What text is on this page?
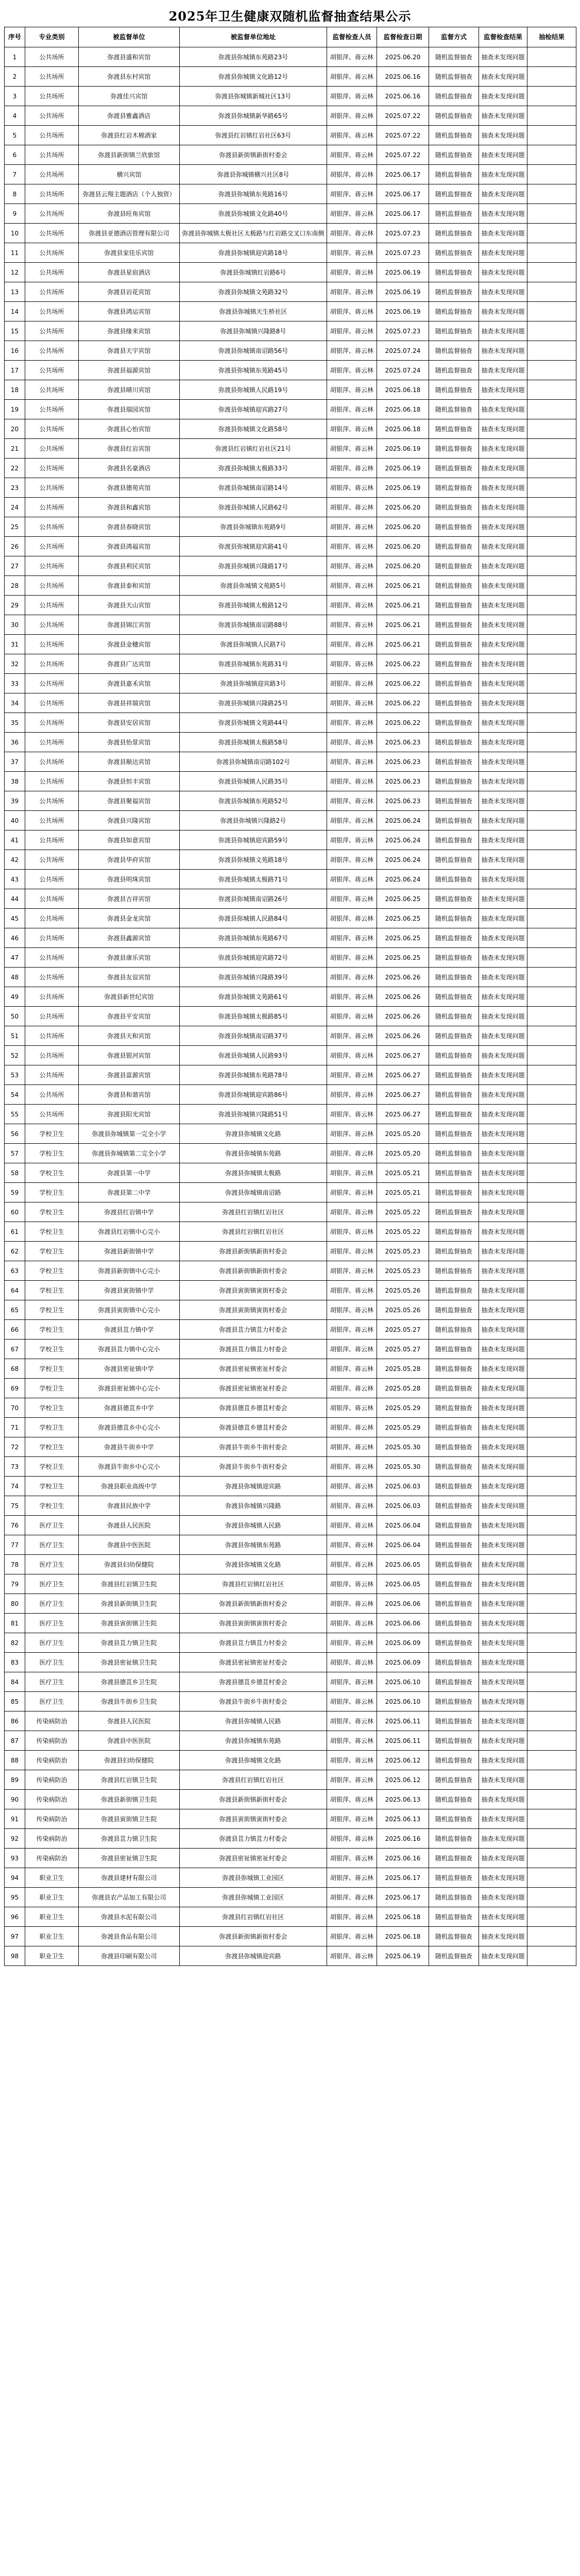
2025年卫生健康双随机监督抽查结果公示
序号	专业类别	被监督单位	被监督单位地址	监督检查人员	监督检查日期	监督方式	监督检查结果	抽检结果
1	公共场所	弥渡县盛和宾馆	弥渡县弥城镇东苑路23号	胡银萍、蒋云林	2025.06.20	随机监督抽查	抽查未发现问题	
2	公共场所	弥渡县东村宾馆	弥渡县弥城镇文化路12号	胡银萍、蒋云林	2025.06.16	随机监督抽查	抽查未发现问题	
3	公共场所	弥渡佳兴宾馆	弥渡县弥城镇新城社区13号	胡银萍、蒋云林	2025.06.16	随机监督抽查	抽查未发现问题	
4	公共场所	弥渡县雅鑫酒店	弥渡县弥城镇新华路65号	胡银萍、蒋云林	2025.07.22	随机监督抽查	抽查未发现问题	
5	公共场所	弥渡县红岩木棉酒家	弥渡县红岩镇红岩社区63号	胡银萍、蒋云林	2025.07.22	随机监督抽查	抽查未发现问题	
6	公共场所	弥渡县新街镇兰欣旅馆	弥渡县新街镇新街村委会	胡银萍、蒋云林	2025.07.22	随机监督抽查	抽查未发现问题	
7	公共场所	横兴宾馆	弥渡县弥城镇横兴社区8号	胡银萍、蒋云林	2025.06.17	随机监督抽查	抽查未发现问题	
8	公共场所	弥渡县云翔主题酒店（个人独资）	弥渡县弥城镇东苑路16号	胡银萍、蒋云林	2025.06.17	随机监督抽查	抽查未发现问题	
9	公共场所	弥渡县旺角宾馆	弥渡县弥城镇文化路40号	胡银萍、蒋云林	2025.06.17	随机监督抽查	抽查未发现问题	
10	公共场所	弥渡县亚德酒店管理有限公司	弥渡县弥城镇太极社区太极路与红岩路交叉口东南侧	胡银萍、蒋云林	2025.07.23	随机监督抽查	抽查未发现问题	
11	公共场所	弥渡县家佳乐宾馆	弥渡县弥城镇迎宾路18号	胡银萍、蒋云林	2025.07.23	随机监督抽查	抽查未发现问题	
12	公共场所	弥渡县星宿酒店	弥渡县弥城镇红岩路6号	胡银萍、蒋云林	2025.06.19	随机监督抽查	抽查未发现问题	
13	公共场所	弥渡县岩花宾馆	弥渡县弥城镇文苑路32号	胡银萍、蒋云林	2025.06.19	随机监督抽查	抽查未发现问题	
14	公共场所	弥渡县鸿运宾馆	弥渡县弥城镇天生桥社区	胡银萍、蒋云林	2025.06.19	随机监督抽查	抽查未发现问题	
15	公共场所	弥渡县缘来宾馆	弥渡县弥城镇兴隆路8号	胡银萍、蒋云林	2025.07.23	随机监督抽查	抽查未发现问题	
16	公共场所	弥渡县天宇宾馆	弥渡县弥城镇南诏路56号	胡银萍、蒋云林	2025.07.24	随机监督抽查	抽查未发现问题	
17	公共场所	弥渡县福源宾馆	弥渡县弥城镇东苑路45号	胡银萍、蒋云林	2025.07.24	随机监督抽查	抽查未发现问题	
18	公共场所	弥渡县晴川宾馆	弥渡县弥城镇人民路19号	胡银萍、蒋云林	2025.06.18	随机监督抽查	抽查未发现问题	
19	公共场所	弥渡县瑞园宾馆	弥渡县弥城镇迎宾路27号	胡银萍、蒋云林	2025.06.18	随机监督抽查	抽查未发现问题	
20	公共场所	弥渡县心怡宾馆	弥渡县弥城镇文化路58号	胡银萍、蒋云林	2025.06.18	随机监督抽查	抽查未发现问题	
21	公共场所	弥渡县红岩宾馆	弥渡县红岩镇红岩社区21号	胡银萍、蒋云林	2025.06.19	随机监督抽查	抽查未发现问题	
22	公共场所	弥渡县名豪酒店	弥渡县弥城镇太极路33号	胡银萍、蒋云林	2025.06.19	随机监督抽查	抽查未发现问题	
23	公共场所	弥渡县德苑宾馆	弥渡县弥城镇南诏路14号	胡银萍、蒋云林	2025.06.19	随机监督抽查	抽查未发现问题	
24	公共场所	弥渡县和鑫宾馆	弥渡县弥城镇人民路62号	胡银萍、蒋云林	2025.06.20	随机监督抽查	抽查未发现问题	
25	公共场所	弥渡县春晓宾馆	弥渡县弥城镇东苑路9号	胡银萍、蒋云林	2025.06.20	随机监督抽查	抽查未发现问题	
26	公共场所	弥渡县鸿福宾馆	弥渡县弥城镇迎宾路41号	胡银萍、蒋云林	2025.06.20	随机监督抽查	抽查未发现问题	
27	公共场所	弥渡县利民宾馆	弥渡县弥城镇兴隆路17号	胡银萍、蒋云林	2025.06.20	随机监督抽查	抽查未发现问题	
28	公共场所	弥渡县泰和宾馆	弥渡县弥城镇文苑路5号	胡银萍、蒋云林	2025.06.21	随机监督抽查	抽查未发现问题	
29	公共场所	弥渡县天山宾馆	弥渡县弥城镇太极路12号	胡银萍、蒋云林	2025.06.21	随机监督抽查	抽查未发现问题	
30	公共场所	弥渡县锦江宾馆	弥渡县弥城镇南诏路88号	胡银萍、蒋云林	2025.06.21	随机监督抽查	抽查未发现问题	
31	公共场所	弥渡县金穗宾馆	弥渡县弥城镇人民路7号	胡银萍、蒋云林	2025.06.21	随机监督抽查	抽查未发现问题	
32	公共场所	弥渡县广达宾馆	弥渡县弥城镇东苑路31号	胡银萍、蒋云林	2025.06.22	随机监督抽查	抽查未发现问题	
33	公共场所	弥渡县嘉禾宾馆	弥渡县弥城镇迎宾路3号	胡银萍、蒋云林	2025.06.22	随机监督抽查	抽查未发现问题	
34	公共场所	弥渡县祥瑞宾馆	弥渡县弥城镇兴隆路25号	胡银萍、蒋云林	2025.06.22	随机监督抽查	抽查未发现问题	
35	公共场所	弥渡县安居宾馆	弥渡县弥城镇文苑路44号	胡银萍、蒋云林	2025.06.22	随机监督抽查	抽查未发现问题	
36	公共场所	弥渡县怡景宾馆	弥渡县弥城镇太极路58号	胡银萍、蒋云林	2025.06.23	随机监督抽查	抽查未发现问题	
37	公共场所	弥渡县顺达宾馆	弥渡县弥城镇南诏路102号	胡银萍、蒋云林	2025.06.23	随机监督抽查	抽查未发现问题	
38	公共场所	弥渡县恒丰宾馆	弥渡县弥城镇人民路35号	胡银萍、蒋云林	2025.06.23	随机监督抽查	抽查未发现问题	
39	公共场所	弥渡县聚福宾馆	弥渡县弥城镇东苑路52号	胡银萍、蒋云林	2025.06.23	随机监督抽查	抽查未发现问题	
40	公共场所	弥渡县兴隆宾馆	弥渡县弥城镇兴隆路2号	胡银萍、蒋云林	2025.06.24	随机监督抽查	抽查未发现问题	
41	公共场所	弥渡县如意宾馆	弥渡县弥城镇迎宾路59号	胡银萍、蒋云林	2025.06.24	随机监督抽查	抽查未发现问题	
42	公共场所	弥渡县华府宾馆	弥渡县弥城镇文苑路18号	胡银萍、蒋云林	2025.06.24	随机监督抽查	抽查未发现问题	
43	公共场所	弥渡县明珠宾馆	弥渡县弥城镇太极路71号	胡银萍、蒋云林	2025.06.24	随机监督抽查	抽查未发现问题	
44	公共场所	弥渡县吉祥宾馆	弥渡县弥城镇南诏路26号	胡银萍、蒋云林	2025.06.25	随机监督抽查	抽查未发现问题	
45	公共场所	弥渡县金龙宾馆	弥渡县弥城镇人民路84号	胡银萍、蒋云林	2025.06.25	随机监督抽查	抽查未发现问题	
46	公共场所	弥渡县鑫源宾馆	弥渡县弥城镇东苑路67号	胡银萍、蒋云林	2025.06.25	随机监督抽查	抽查未发现问题	
47	公共场所	弥渡县康乐宾馆	弥渡县弥城镇迎宾路72号	胡银萍、蒋云林	2025.06.25	随机监督抽查	抽查未发现问题	
48	公共场所	弥渡县友谊宾馆	弥渡县弥城镇兴隆路39号	胡银萍、蒋云林	2025.06.26	随机监督抽查	抽查未发现问题	
49	公共场所	弥渡县新世纪宾馆	弥渡县弥城镇文苑路61号	胡银萍、蒋云林	2025.06.26	随机监督抽查	抽查未发现问题	
50	公共场所	弥渡县平安宾馆	弥渡县弥城镇太极路85号	胡银萍、蒋云林	2025.06.26	随机监督抽查	抽查未发现问题	
51	公共场所	弥渡县天和宾馆	弥渡县弥城镇南诏路37号	胡银萍、蒋云林	2025.06.26	随机监督抽查	抽查未发现问题	
52	公共场所	弥渡县银河宾馆	弥渡县弥城镇人民路93号	胡银萍、蒋云林	2025.06.27	随机监督抽查	抽查未发现问题	
53	公共场所	弥渡县富源宾馆	弥渡县弥城镇东苑路78号	胡银萍、蒋云林	2025.06.27	随机监督抽查	抽查未发现问题	
54	公共场所	弥渡县和谐宾馆	弥渡县弥城镇迎宾路86号	胡银萍、蒋云林	2025.06.27	随机监督抽查	抽查未发现问题	
55	公共场所	弥渡县阳光宾馆	弥渡县弥城镇兴隆路51号	胡银萍、蒋云林	2025.06.27	随机监督抽查	抽查未发现问题	
56	学校卫生	弥渡县弥城镇第一完全小学	弥渡县弥城镇文化路	胡银萍、蒋云林	2025.05.20	随机监督抽查	抽查未发现问题	
57	学校卫生	弥渡县弥城镇第二完全小学	弥渡县弥城镇东苑路	胡银萍、蒋云林	2025.05.20	随机监督抽查	抽查未发现问题	
58	学校卫生	弥渡县第一中学	弥渡县弥城镇太极路	胡银萍、蒋云林	2025.05.21	随机监督抽查	抽查未发现问题	
59	学校卫生	弥渡县第二中学	弥渡县弥城镇南诏路	胡银萍、蒋云林	2025.05.21	随机监督抽查	抽查未发现问题	
60	学校卫生	弥渡县红岩镇中学	弥渡县红岩镇红岩社区	胡银萍、蒋云林	2025.05.22	随机监督抽查	抽查未发现问题	
61	学校卫生	弥渡县红岩镇中心完小	弥渡县红岩镇红岩社区	胡银萍、蒋云林	2025.05.22	随机监督抽查	抽查未发现问题	
62	学校卫生	弥渡县新街镇中学	弥渡县新街镇新街村委会	胡银萍、蒋云林	2025.05.23	随机监督抽查	抽查未发现问题	
63	学校卫生	弥渡县新街镇中心完小	弥渡县新街镇新街村委会	胡银萍、蒋云林	2025.05.23	随机监督抽查	抽查未发现问题	
64	学校卫生	弥渡县寅街镇中学	弥渡县寅街镇寅街村委会	胡银萍、蒋云林	2025.05.26	随机监督抽查	抽查未发现问题	
65	学校卫生	弥渡县寅街镇中心完小	弥渡县寅街镇寅街村委会	胡银萍、蒋云林	2025.05.26	随机监督抽查	抽查未发现问题	
66	学校卫生	弥渡县苴力镇中学	弥渡县苴力镇苴力村委会	胡银萍、蒋云林	2025.05.27	随机监督抽查	抽查未发现问题	
67	学校卫生	弥渡县苴力镇中心完小	弥渡县苴力镇苴力村委会	胡银萍、蒋云林	2025.05.27	随机监督抽查	抽查未发现问题	
68	学校卫生	弥渡县密祉镇中学	弥渡县密祉镇密祉村委会	胡银萍、蒋云林	2025.05.28	随机监督抽查	抽查未发现问题	
69	学校卫生	弥渡县密祉镇中心完小	弥渡县密祉镇密祉村委会	胡银萍、蒋云林	2025.05.28	随机监督抽查	抽查未发现问题	
70	学校卫生	弥渡县德苴乡中学	弥渡县德苴乡德苴村委会	胡银萍、蒋云林	2025.05.29	随机监督抽查	抽查未发现问题	
71	学校卫生	弥渡县德苴乡中心完小	弥渡县德苴乡德苴村委会	胡银萍、蒋云林	2025.05.29	随机监督抽查	抽查未发现问题	
72	学校卫生	弥渡县牛街乡中学	弥渡县牛街乡牛街村委会	胡银萍、蒋云林	2025.05.30	随机监督抽查	抽查未发现问题	
73	学校卫生	弥渡县牛街乡中心完小	弥渡县牛街乡牛街村委会	胡银萍、蒋云林	2025.05.30	随机监督抽查	抽查未发现问题	
74	学校卫生	弥渡县职业高级中学	弥渡县弥城镇迎宾路	胡银萍、蒋云林	2025.06.03	随机监督抽查	抽查未发现问题	
75	学校卫生	弥渡县民族中学	弥渡县弥城镇兴隆路	胡银萍、蒋云林	2025.06.03	随机监督抽查	抽查未发现问题	
76	医疗卫生	弥渡县人民医院	弥渡县弥城镇人民路	胡银萍、蒋云林	2025.06.04	随机监督抽查	抽查未发现问题	
77	医疗卫生	弥渡县中医医院	弥渡县弥城镇东苑路	胡银萍、蒋云林	2025.06.04	随机监督抽查	抽查未发现问题	
78	医疗卫生	弥渡县妇幼保健院	弥渡县弥城镇文化路	胡银萍、蒋云林	2025.06.05	随机监督抽查	抽查未发现问题	
79	医疗卫生	弥渡县红岩镇卫生院	弥渡县红岩镇红岩社区	胡银萍、蒋云林	2025.06.05	随机监督抽查	抽查未发现问题	
80	医疗卫生	弥渡县新街镇卫生院	弥渡县新街镇新街村委会	胡银萍、蒋云林	2025.06.06	随机监督抽查	抽查未发现问题	
81	医疗卫生	弥渡县寅街镇卫生院	弥渡县寅街镇寅街村委会	胡银萍、蒋云林	2025.06.06	随机监督抽查	抽查未发现问题	
82	医疗卫生	弥渡县苴力镇卫生院	弥渡县苴力镇苴力村委会	胡银萍、蒋云林	2025.06.09	随机监督抽查	抽查未发现问题	
83	医疗卫生	弥渡县密祉镇卫生院	弥渡县密祉镇密祉村委会	胡银萍、蒋云林	2025.06.09	随机监督抽查	抽查未发现问题	
84	医疗卫生	弥渡县德苴乡卫生院	弥渡县德苴乡德苴村委会	胡银萍、蒋云林	2025.06.10	随机监督抽查	抽查未发现问题	
85	医疗卫生	弥渡县牛街乡卫生院	弥渡县牛街乡牛街村委会	胡银萍、蒋云林	2025.06.10	随机监督抽查	抽查未发现问题	
86	传染病防治	弥渡县人民医院	弥渡县弥城镇人民路	胡银萍、蒋云林	2025.06.11	随机监督抽查	抽查未发现问题	
87	传染病防治	弥渡县中医医院	弥渡县弥城镇东苑路	胡银萍、蒋云林	2025.06.11	随机监督抽查	抽查未发现问题	
88	传染病防治	弥渡县妇幼保健院	弥渡县弥城镇文化路	胡银萍、蒋云林	2025.06.12	随机监督抽查	抽查未发现问题	
89	传染病防治	弥渡县红岩镇卫生院	弥渡县红岩镇红岩社区	胡银萍、蒋云林	2025.06.12	随机监督抽查	抽查未发现问题	
90	传染病防治	弥渡县新街镇卫生院	弥渡县新街镇新街村委会	胡银萍、蒋云林	2025.06.13	随机监督抽查	抽查未发现问题	
91	传染病防治	弥渡县寅街镇卫生院	弥渡县寅街镇寅街村委会	胡银萍、蒋云林	2025.06.13	随机监督抽查	抽查未发现问题	
92	传染病防治	弥渡县苴力镇卫生院	弥渡县苴力镇苴力村委会	胡银萍、蒋云林	2025.06.16	随机监督抽查	抽查未发现问题	
93	传染病防治	弥渡县密祉镇卫生院	弥渡县密祉镇密祉村委会	胡银萍、蒋云林	2025.06.16	随机监督抽查	抽查未发现问题	
94	职业卫生	弥渡县建材有限公司	弥渡县弥城镇工业园区	胡银萍、蒋云林	2025.06.17	随机监督抽查	抽查未发现问题	
95	职业卫生	弥渡县农产品加工有限公司	弥渡县弥城镇工业园区	胡银萍、蒋云林	2025.06.17	随机监督抽查	抽查未发现问题	
96	职业卫生	弥渡县水泥有限公司	弥渡县红岩镇红岩社区	胡银萍、蒋云林	2025.06.18	随机监督抽查	抽查未发现问题	
97	职业卫生	弥渡县食品有限公司	弥渡县新街镇新街村委会	胡银萍、蒋云林	2025.06.18	随机监督抽查	抽查未发现问题	
98	职业卫生	弥渡县印刷有限公司	弥渡县弥城镇迎宾路	胡银萍、蒋云林	2025.06.19	随机监督抽查	抽查未发现问题	
